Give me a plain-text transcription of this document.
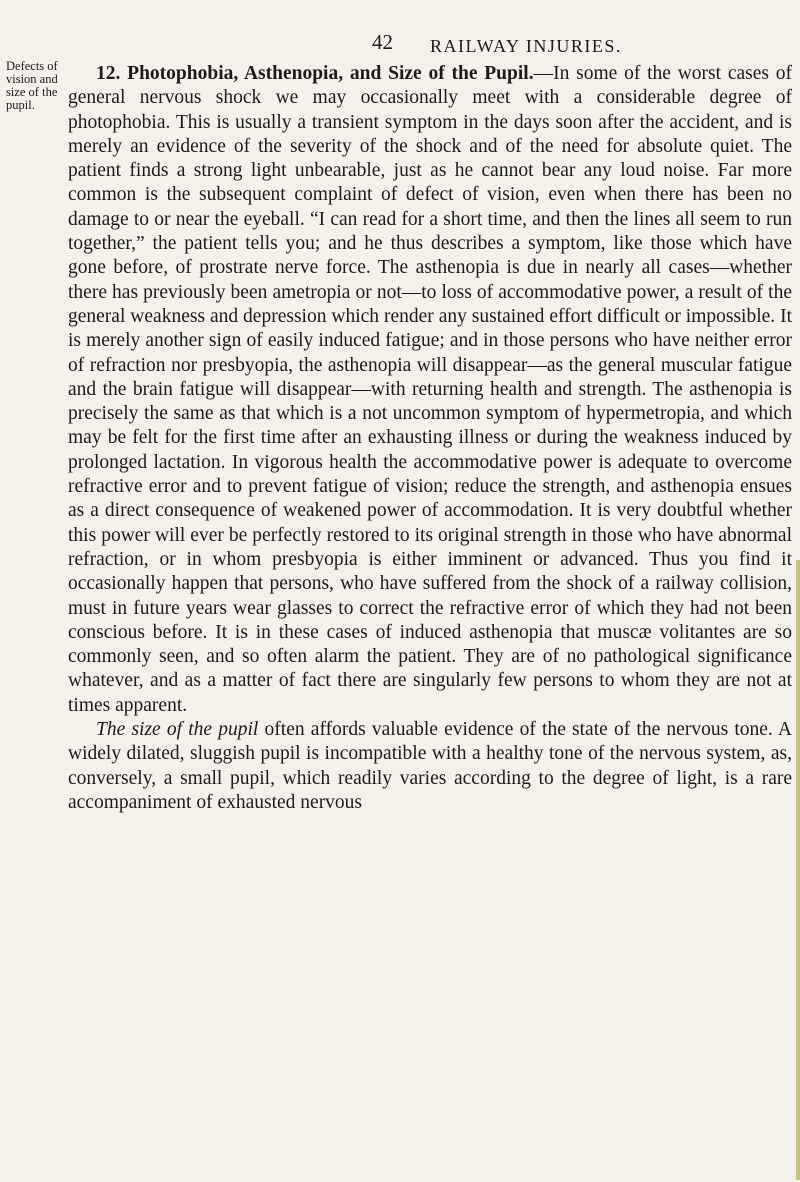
42 RAILWAY INJURIES.
Defects of vision and size of the pupil.

12. Photophobia, Asthenopia, and Size of the Pupil.—In some of the worst cases of general nervous shock we may occasionally meet with a considerable degree of photophobia. This is usually a transient symptom in the days soon after the accident, and is merely an evidence of the severity of the shock and of the need for absolute quiet. The patient finds a strong light unbearable, just as he cannot bear any loud noise. Far more common is the subsequent complaint of defect of vision, even when there has been no damage to or near the eyeball. “I can read for a short time, and then the lines all seem to run together,” the patient tells you; and he thus describes a symptom, like those which have gone before, of prostrate nerve force. The asthenopia is due in nearly all cases—whether there has previously been ametropia or not—to loss of accommodative power, a result of the general weakness and depression which render any sustained effort difficult or impossible. It is merely another sign of easily induced fatigue; and in those persons who have neither error of refraction nor presbyopia, the asthenopia will disappear—as the general muscular fatigue and the brain fatigue will disappear—with returning health and strength. The asthenopia is precisely the same as that which is a not uncommon symptom of hypermetropia, and which may be felt for the first time after an exhausting illness or during the weakness induced by prolonged lactation. In vigorous health the accommodative power is adequate to overcome refractive error and to prevent fatigue of vision; reduce the strength, and asthenopia ensues as a direct consequence of weakened power of accommodation. It is very doubtful whether this power will ever be perfectly restored to its original strength in those who have abnormal refraction, or in whom presbyopia is either imminent or advanced. Thus you find it occasionally happen that persons, who have suffered from the shock of a railway collision, must in future years wear glasses to correct the refractive error of which they had not been conscious before. It is in these cases of induced asthenopia that muscæ volitantes are so commonly seen, and so often alarm the patient. They are of no pathological significance whatever, and as a matter of fact there are singularly few persons to whom they are not at times apparent.

The size of the pupil often affords valuable evidence of the state of the nervous tone. A widely dilated, sluggish pupil is incompatible with a healthy tone of the nervous system, as, conversely, a small pupil, which readily varies according to the degree of light, is a rare accompaniment of exhausted nervous
